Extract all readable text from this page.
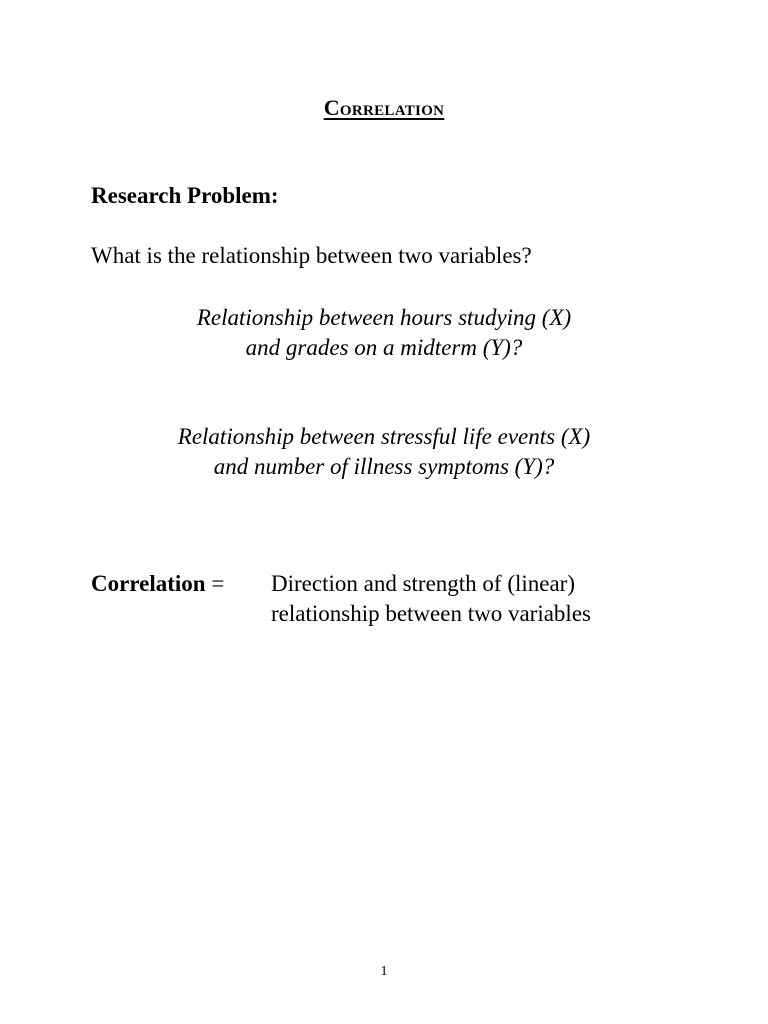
Correlation
Research Problem:
What is the relationship between two variables?
Relationship between hours studying (X)
and grades on a midterm (Y)?
Relationship between stressful life events (X)
and number of illness symptoms (Y)?
Correlation = Direction and strength of (linear)
relationship between two variables
1
